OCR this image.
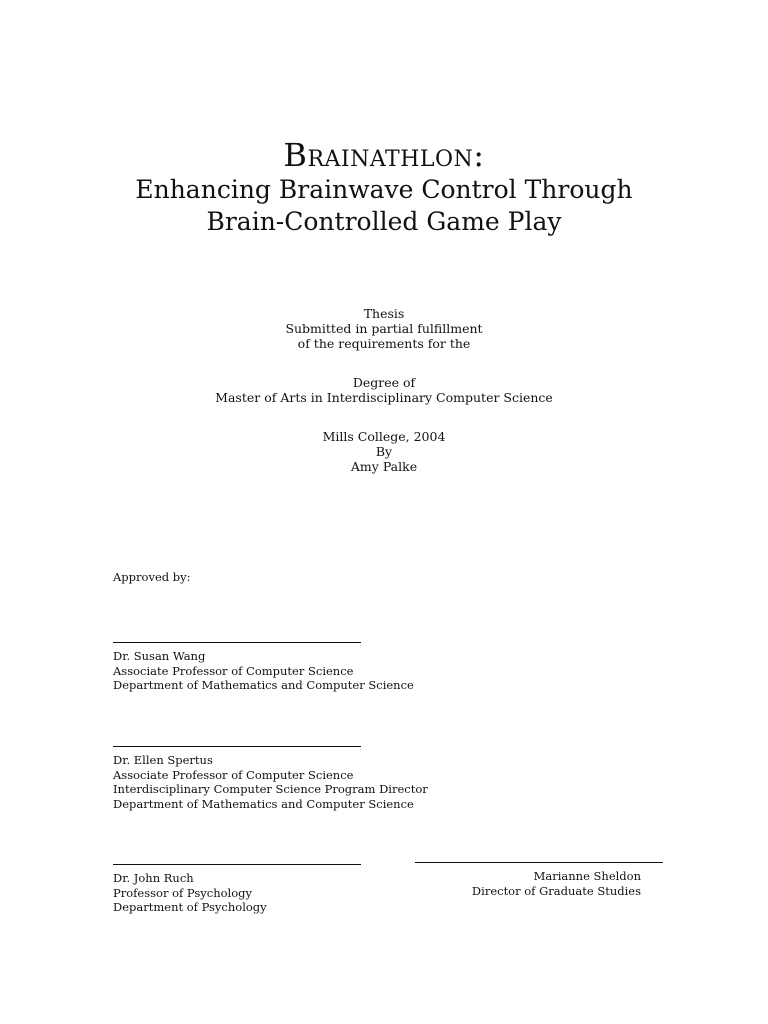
Brainathlon:
Enhancing Brainwave Control Through
Brain-Controlled Game Play
Thesis
Submitted in partial fulfillment
of the requirements for the
Degree of
Master of Arts in Interdisciplinary Computer Science
Mills College, 2004
By
Amy Palke
Approved by:
Dr. Susan Wang
Associate Professor of Computer Science
Department of Mathematics and Computer Science
Dr. Ellen Spertus
Associate Professor of Computer Science
Interdisciplinary Computer Science Program Director
Department of Mathematics and Computer Science
Dr. John Ruch
Professor of Psychology
Department of Psychology
Marianne Sheldon
Director of Graduate Studies
